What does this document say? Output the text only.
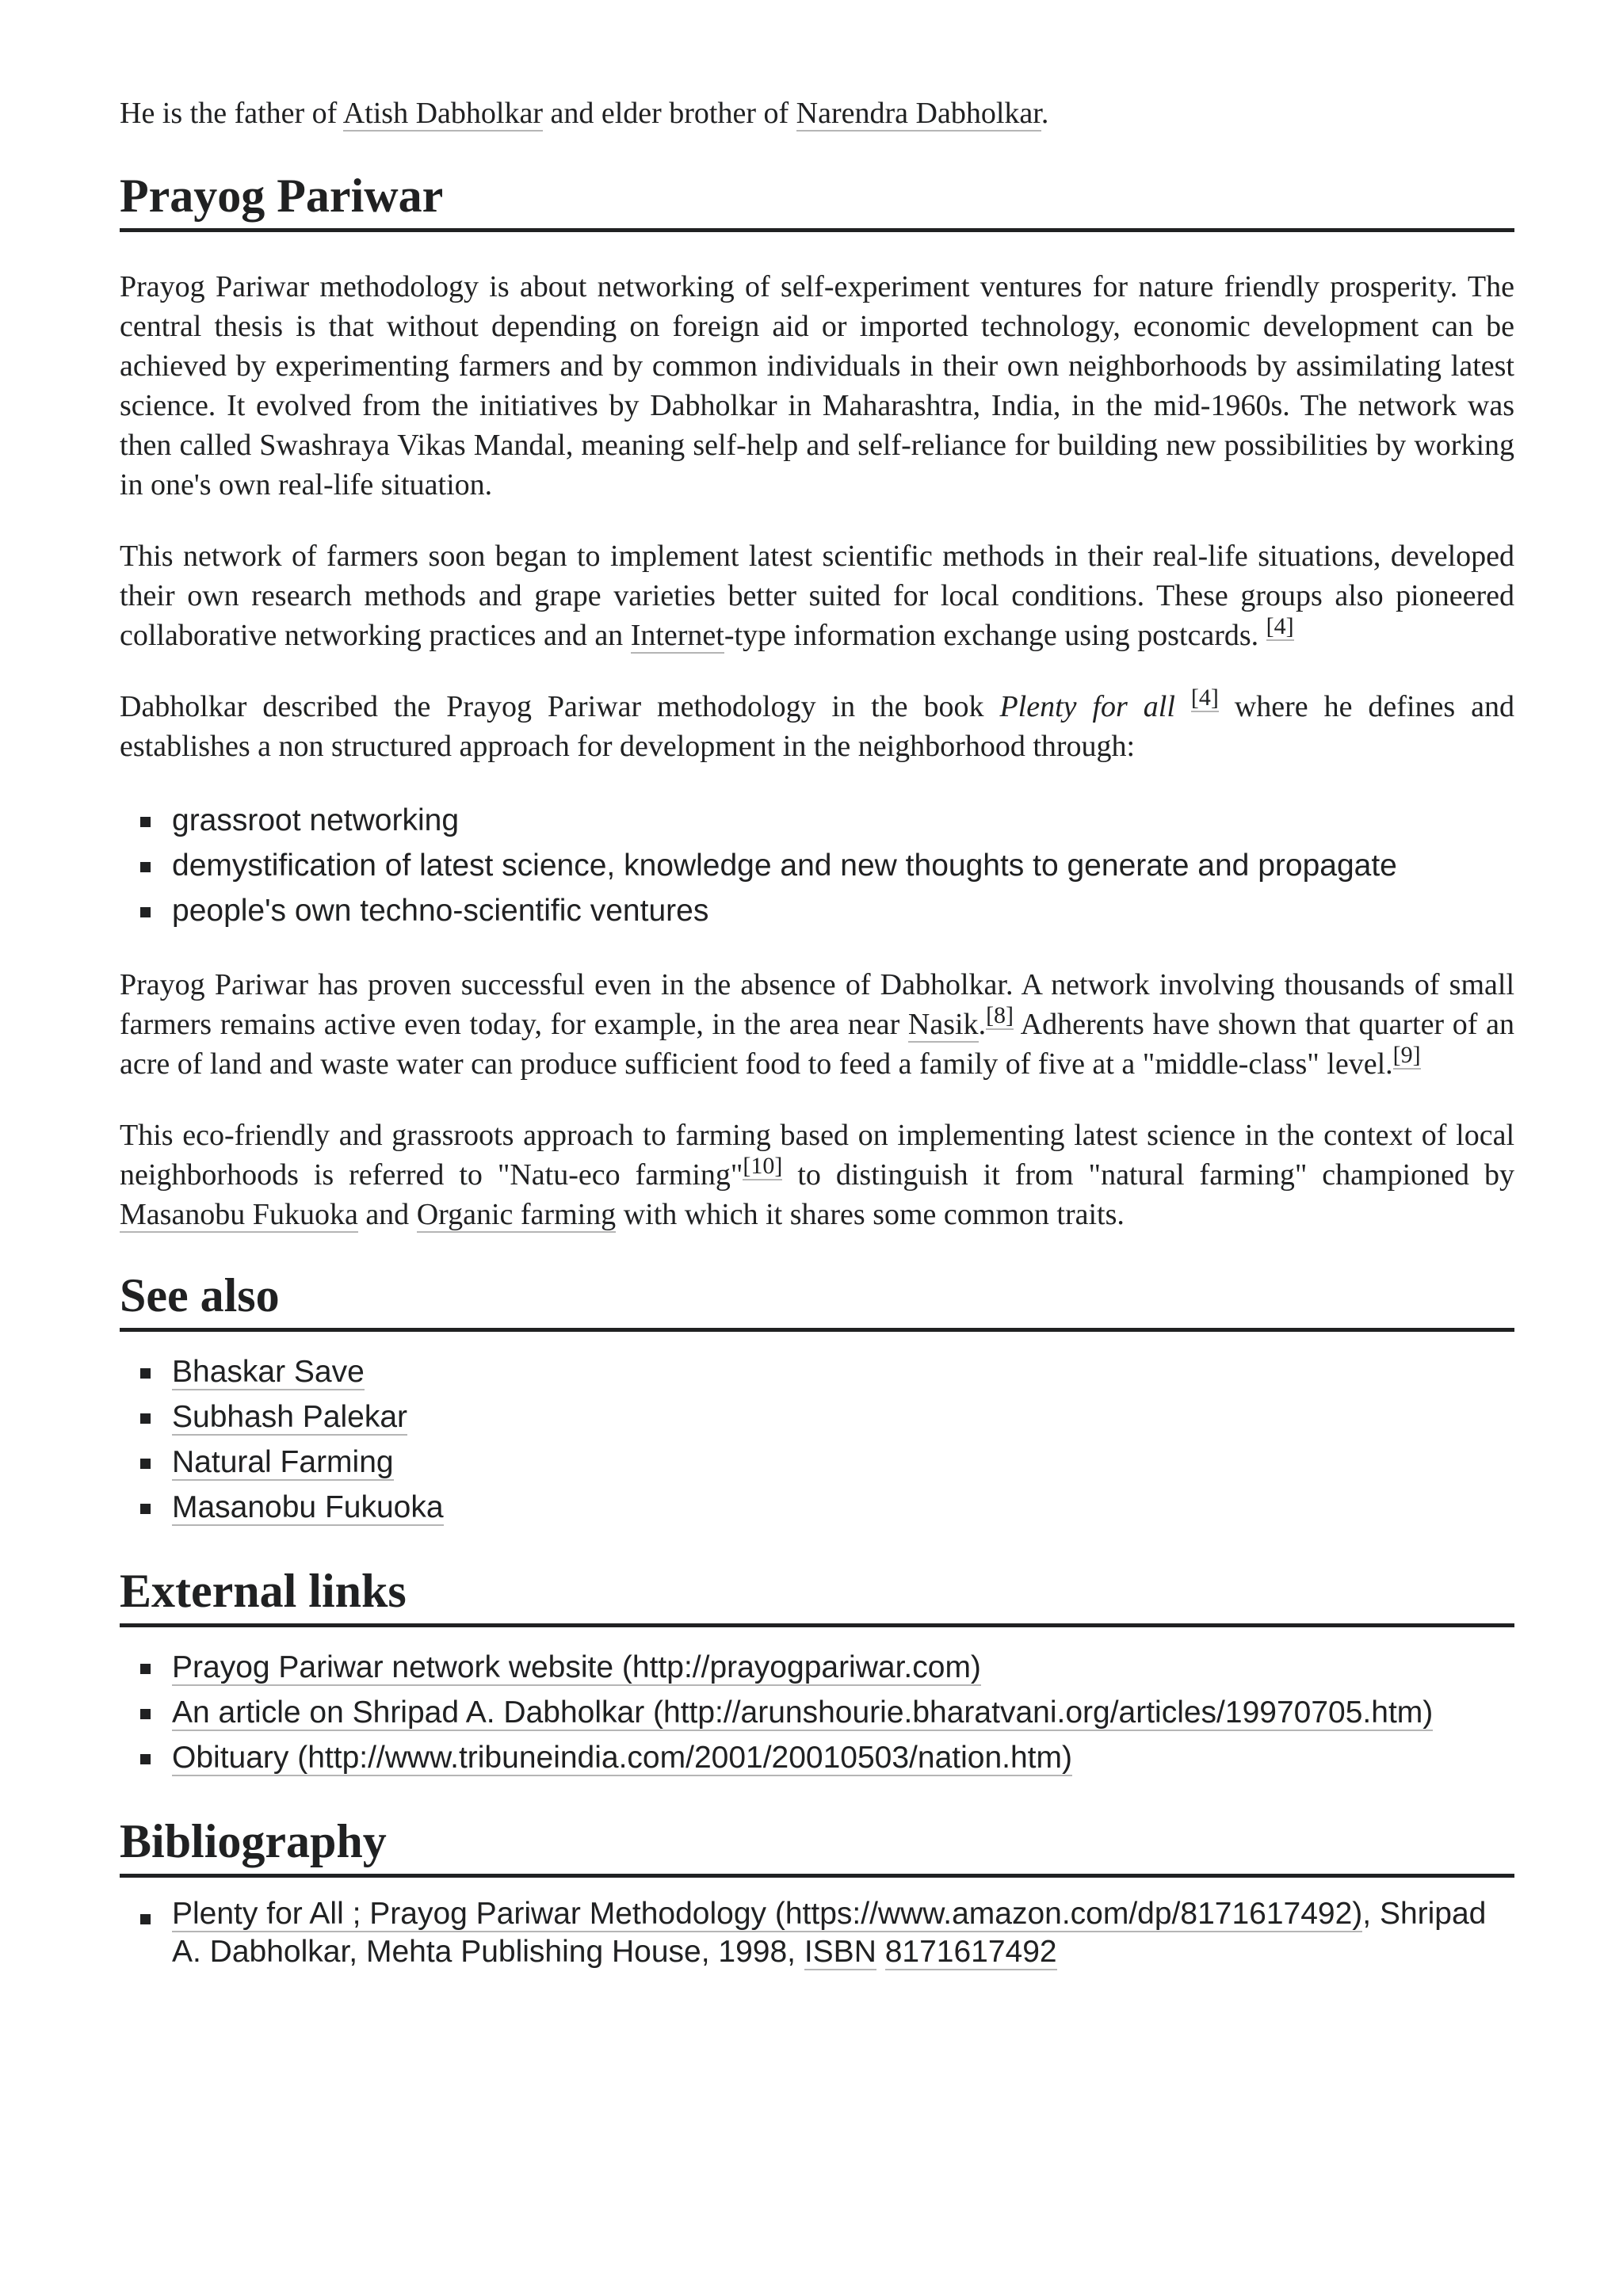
He is the father of Atish Dabholkar and elder brother of Narendra Dabholkar.

Prayog Pariwar

Prayog Pariwar methodology is about networking of self-experiment ventures for nature friendly prosperity. The central thesis is that without depending on foreign aid or imported technology, economic development can be achieved by experimenting farmers and by common individuals in their own neighborhoods by assimilating latest science. It evolved from the initiatives by Dabholkar in Maharashtra, India, in the mid-1960s. The network was then called Swashraya Vikas Mandal, meaning self-help and self-reliance for building new possibilities by working in one's own real-life situation.

This network of farmers soon began to implement latest scientific methods in their real-life situations, developed their own research methods and grape varieties better suited for local conditions. These groups also pioneered collaborative networking practices and an Internet-type information exchange using postcards. [4]

Dabholkar described the Prayog Pariwar methodology in the book Plenty for all [4] where he defines and establishes a non structured approach for development in the neighborhood through:

grassroot networking
demystification of latest science, knowledge and new thoughts to generate and propagate
people's own techno-scientific ventures

Prayog Pariwar has proven successful even in the absence of Dabholkar. A network involving thousands of small farmers remains active even today, for example, in the area near Nasik.[8] Adherents have shown that quarter of an acre of land and waste water can produce sufficient food to feed a family of five at a "middle-class" level.[9]

This eco-friendly and grassroots approach to farming based on implementing latest science in the context of local neighborhoods is referred to "Natu-eco farming"[10] to distinguish it from "natural farming" championed by Masanobu Fukuoka and Organic farming with which it shares some common traits.

See also
Bhaskar Save
Subhash Palekar
Natural Farming
Masanobu Fukuoka
External links
Prayog Pariwar network website (http://prayogpariwar.com)
An article on Shripad A. Dabholkar (http://arunshourie.bharatvani.org/articles/19970705.htm)
Obituary (http://www.tribuneindia.com/2001/20010503/nation.htm)
Bibliography
Plenty for All ; Prayog Pariwar Methodology (https://www.amazon.com/dp/8171617492), Shripad A. Dabholkar, Mehta Publishing House, 1998, ISBN 8171617492
